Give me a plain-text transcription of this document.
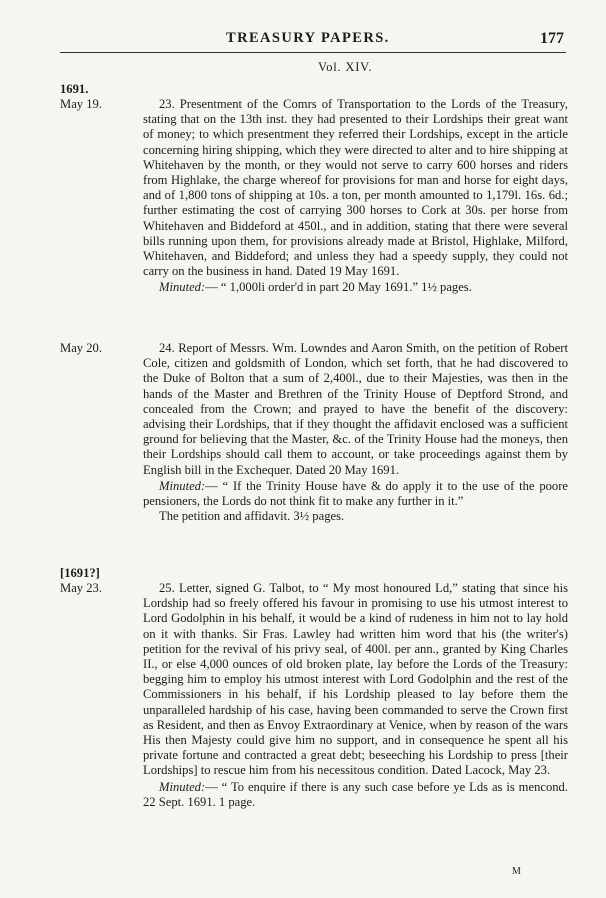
TREASURY PAPERS.	177
Vol. XIV.
1691.
May 19.	23. Presentment of the Comrs of Transportation to the Lords of the Treasury, stating that on the 13th inst. they had presented to their Lordships their great want of money; to which presentment they referred their Lordships, except in the article concerning hiring shipping, which they were directed to alter and to hire shipping at Whitehaven by the month, or they would not serve to carry 600 horses and riders from Highlake, the charge whereof for provisions for man and horse for eight days, and of 1,800 tons of shipping at 10s. a ton, per month amounted to 1,179l. 16s. 6d.; further estimating the cost of carrying 300 horses to Cork at 30s. per horse from Whitehaven and Biddeford at 450l., and in addition, stating that there were several bills running upon them, for provisions already made at Bristol, Highlake, Milford, Whitehaven, and Biddeford; and unless they had a speedy supply, they could not carry on the business in hand. Dated 19 May 1691.

Minuted:— “ 1,000li order'd in part 20 May 1691.” 1½ pages.

May 20.	24. Report of Messrs. Wm. Lowndes and Aaron Smith, on the petition of Robert Cole, citizen and goldsmith of London, which set forth, that he had discovered to the Duke of Bolton that a sum of 2,400l., due to their Majesties, was then in the hands of the Master and Brethren of the Trinity House of Deptford Strond, and concealed from the Crown; and prayed to have the benefit of the discovery: advising their Lordships, that if they thought the affidavit enclosed was a sufficient ground for believing that the Master, &c. of the Trinity House had the moneys, then their Lordships should call them to account, or take proceedings against them by English bill in the Exchequer. Dated 20 May 1691.

Minuted:— “ If the Trinity House have & do apply it to the use of the poore pensioners, the Lords do not think fit to make any further in it.”

The petition and affidavit. 3½ pages.

[1691?]
May 23.	25. Letter, signed G. Talbot, to “ My most honoured Ld,” stating that since his Lordship had so freely offered his favour in promising to use his utmost interest to Lord Godolphin in his behalf, it would be a kind of rudeness in him not to lay hold on it with thanks. Sir Fras. Lawley had written him word that his (the writer's) petition for the revival of his privy seal, of 400l. per ann., granted by King Charles II., or else 4,000 ounces of old broken plate, lay before the Lords of the Treasury: begging him to employ his utmost interest with Lord Godolphin and the rest of the Commissioners in his behalf, if his Lordship pleased to lay before them the unparalleled hardship of his case, having been commanded to serve the Crown first as Resident, and then as Envoy Extraordinary at Venice, when by reason of the wars His then Majesty could give him no support, and in consequence he spent all his private fortune and contracted a great debt; beseeching his Lordship to press [their Lordships] to rescue him from his necessitous condition. Dated Lacock, May 23.

Minuted:— “ To enquire if there is any such case before ye Lds as is mencond. 22 Sept. 1691. 1 page.

M
